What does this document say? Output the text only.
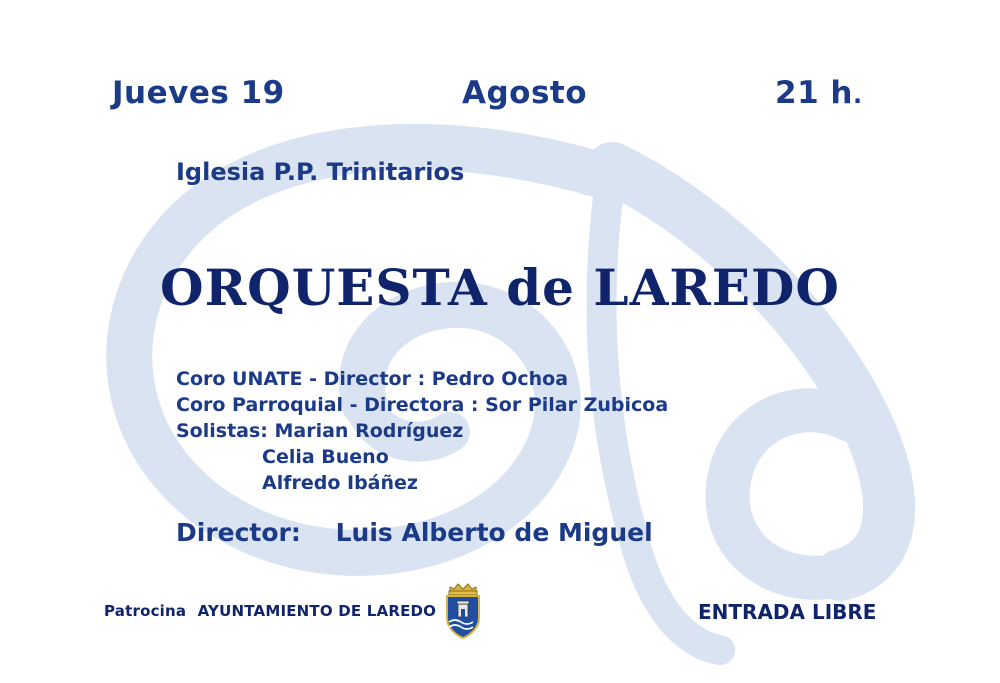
Jueves 19	Agosto	21 h.
Iglesia P.P. Trinitarios
ORQUESTA de LAREDO
Coro UNATE - Director : Pedro Ochoa
Coro Parroquial - Directora : Sor Pilar Zubicoa
Solistas: Marian Rodríguez
Celia Bueno
Alfredo Ibáñez
Director: Luis Alberto de Miguel
Patrocina AYUNTAMIENTO DE LAREDO	ENTRADA LIBRE
